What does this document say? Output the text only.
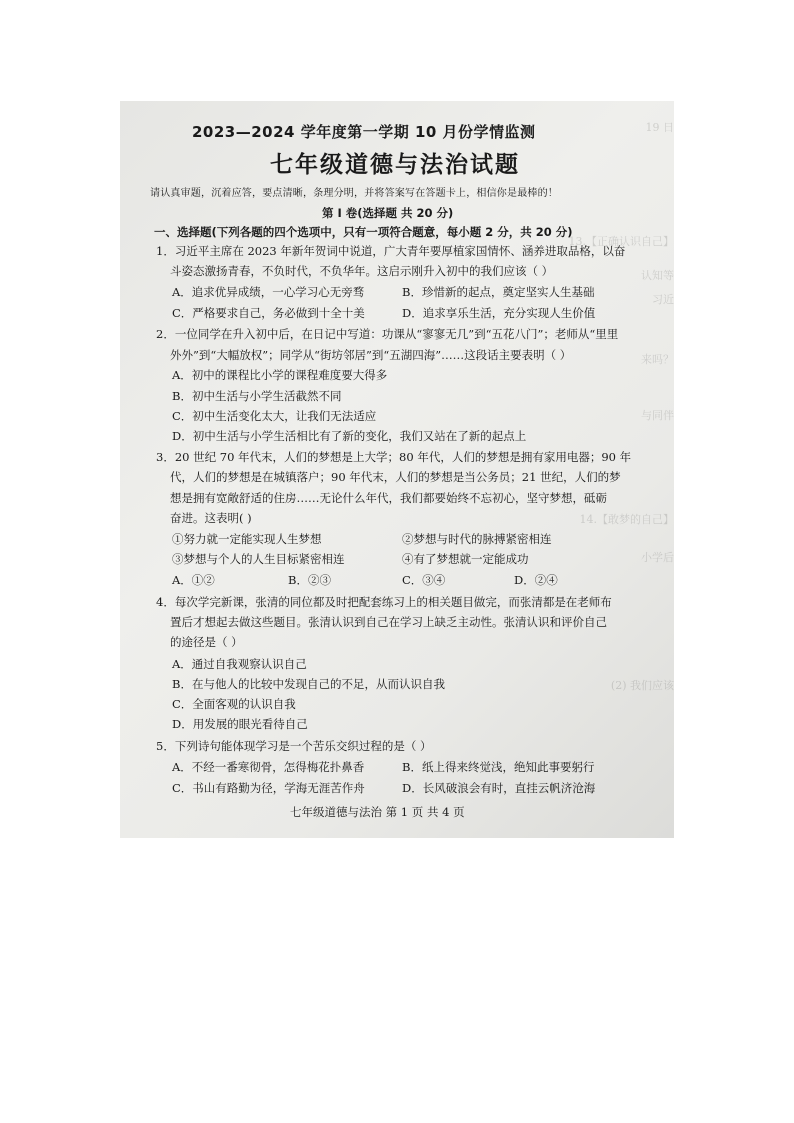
19 日
13.【正确认识自己】
认知等
习近
来吗？
与同伴
14.【敢梦的自己】
小学后
(2) 我们应该
2023—2024 学年度第一学期 10 月份学情监测
七年级道德与法治试题
请认真审题，沉着应答，要点清晰，条理分明，并将答案写在答题卡上，相信你是最棒的！
第 I 卷(选择题 共 20 分)
一、选择题(下列各题的四个选项中，只有一项符合题意，每小题 2 分，共 20 分)
1．习近平主席在 2023 年新年贺词中说道，广大青年要厚植家国情怀、涵养进取品格，以奋
斗姿态激扬青春，不负时代，不负华年。这启示刚升入初中的我们应该（ ）
A．追求优异成绩，一心学习心无旁骛	B．珍惜新的起点，奠定坚实人生基础
C．严格要求自己，务必做到十全十美	D．追求享乐生活，充分实现人生价值
2．一位同学在升入初中后，在日记中写道：功课从“寥寥无几”到“五花八门”；老师从“里里
外外”到“大幅放权”；同学从“街坊邻居”到“五湖四海”……这段话主要表明（ ）
A．初中的课程比小学的课程难度要大得多
B．初中生活与小学生活截然不同
C．初中生活变化太大，让我们无法适应
D．初中生活与小学生活相比有了新的变化，我们又站在了新的起点上
3．20 世纪 70 年代末，人们的梦想是上大学；80 年代，人们的梦想是拥有家用电器；90 年
代，人们的梦想是在城镇落户；90 年代末，人们的梦想是当公务员；21 世纪，人们的梦
想是拥有宽敞舒适的住房……无论什么年代，我们都要始终不忘初心，坚守梦想，砥砺
奋进。这表明( )
①努力就一定能实现人生梦想	②梦想与时代的脉搏紧密相连
③梦想与个人的人生目标紧密相连	④有了梦想就一定能成功
A．①②	B．②③	C．③④	D．②④
4．每次学完新课，张清的同位都及时把配套练习上的相关题目做完，而张清都是在老师布
置后才想起去做这些题目。张清认识到自己在学习上缺乏主动性。张清认识和评价自己
的途径是（ ）
A．通过自我观察认识自己
B．在与他人的比较中发现自己的不足，从而认识自我
C．全面客观的认识自我
D．用发展的眼光看待自己
5．下列诗句能体现学习是一个苦乐交织过程的是（ ）
A．不经一番寒彻骨，怎得梅花扑鼻香	B．纸上得来终觉浅，绝知此事要躬行
C．书山有路勤为径，学海无涯苦作舟	D．长风破浪会有时，直挂云帆济沧海
七年级道德与法治 第 1 页 共 4 页
